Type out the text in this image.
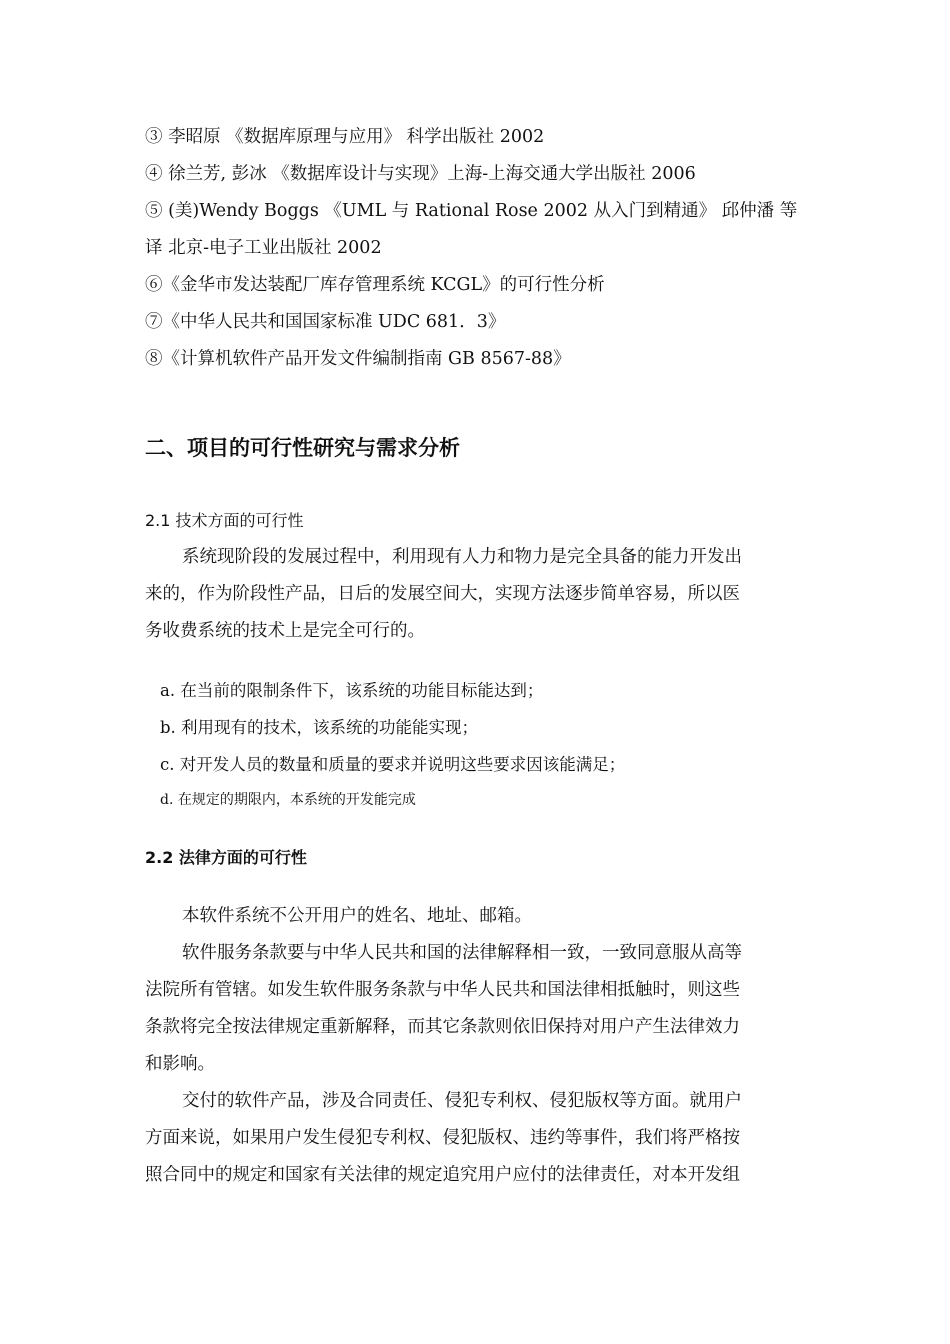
③ 李昭原 《数据库原理与应用》 科学出版社 2002
④ 徐兰芳, 彭冰 《数据库设计与实现》上海-上海交通大学出版社 2006
⑤ (美)Wendy Boggs 《UML 与 Rational Rose 2002 从入门到精通》 邱仲潘 等
译 北京-电子工业出版社 2002
⑥《金华市发达装配厂库存管理系统 KCGL》的可行性分析
⑦《中华人民共和国国家标准 UDC 681．3》
⑧《计算机软件产品开发文件编制指南 GB 8567-88》
二、项目的可行性研究与需求分析
2.1 技术方面的可行性
系统现阶段的发展过程中，利用现有人力和物力是完全具备的能力开发出
来的，作为阶段性产品，日后的发展空间大，实现方法逐步简单容易，所以医
务收费系统的技术上是完全可行的。
a. 在当前的限制条件下，该系统的功能目标能达到；
b. 利用现有的技术，该系统的功能能实现；
c. 对开发人员的数量和质量的要求并说明这些要求因该能满足；
d. 在规定的期限内，本系统的开发能完成
2.2 法律方面的可行性
本软件系统不公开用户的姓名、地址、邮箱。
软件服务条款要与中华人民共和国的法律解释相一致，一致同意服从高等
法院所有管辖。如发生软件服务条款与中华人民共和国法律相抵触时，则这些
条款将完全按法律规定重新解释，而其它条款则依旧保持对用户产生法律效力
和影响。
交付的软件产品，涉及合同责任、侵犯专利权、侵犯版权等方面。就用户
方面来说，如果用户发生侵犯专利权、侵犯版权、违约等事件，我们将严格按
照合同中的规定和国家有关法律的规定追究用户应付的法律责任，对本开发组
